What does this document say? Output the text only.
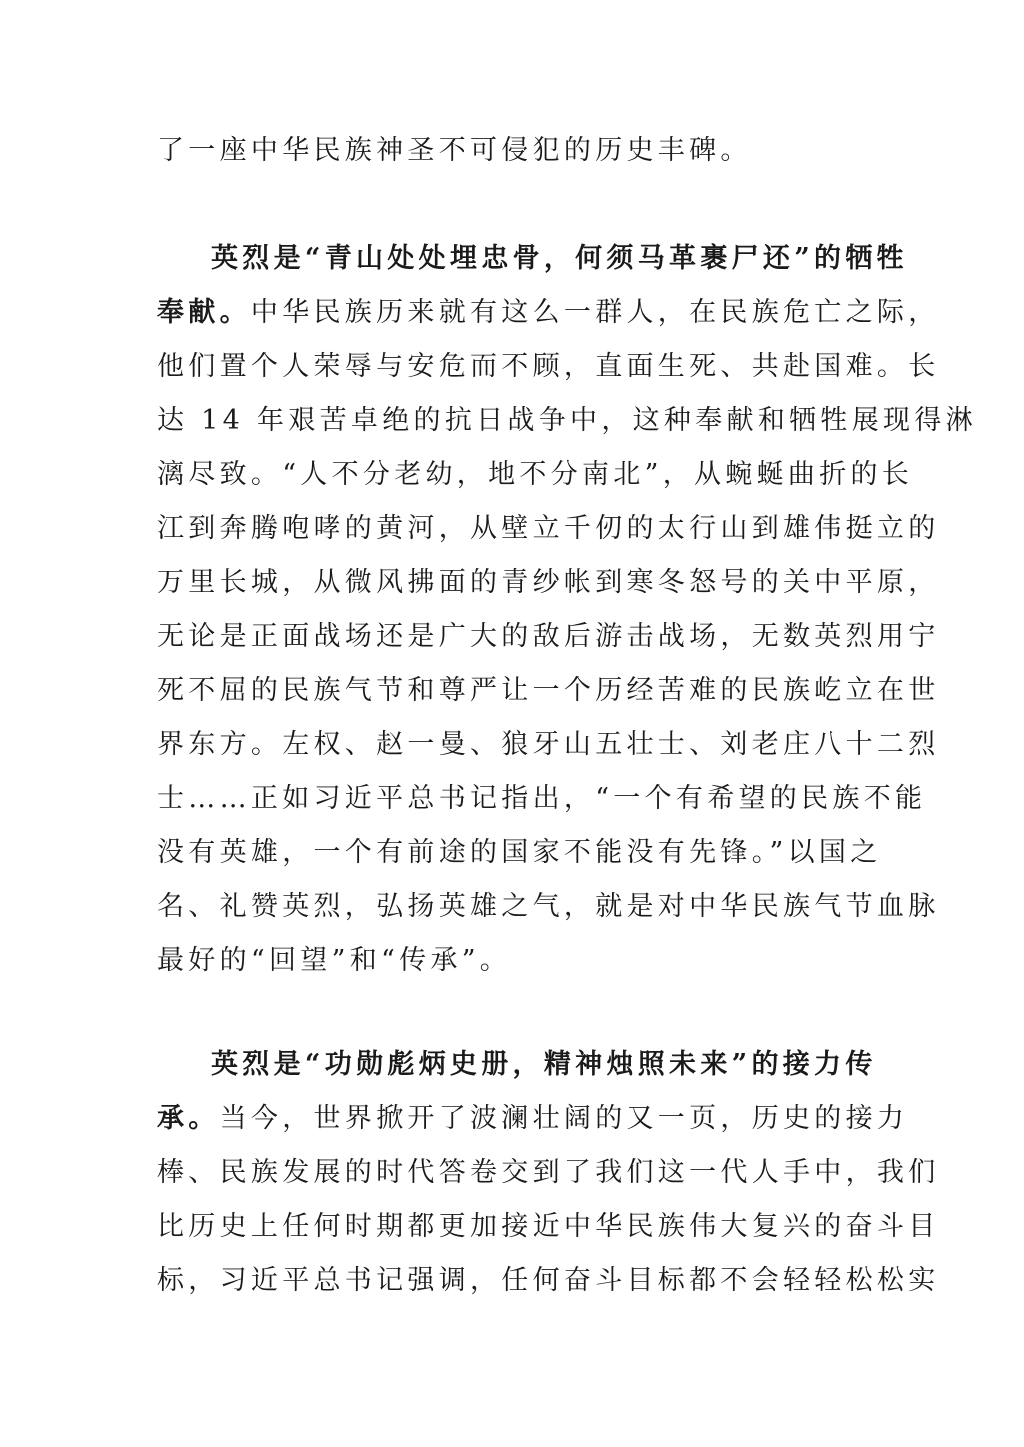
了一座中华民族神圣不可侵犯的历史丰碑。
英烈是“青山处处埋忠骨，何须马革裹尸还”的牺牲
奉献。中华民族历来就有这么一群人，在民族危亡之际，
他们置个人荣辱与安危而不顾，直面生死、共赴国难。长
达 14 年艰苦卓绝的抗日战争中，这种奉献和牺牲展现得淋
漓尽致。“人不分老幼，地不分南北”，从蜿蜒曲折的长
江到奔腾咆哮的黄河，从壁立千仞的太行山到雄伟挺立的
万里长城，从微风拂面的青纱帐到寒冬怒号的关中平原，
无论是正面战场还是广大的敌后游击战场，无数英烈用宁
死不屈的民族气节和尊严让一个历经苦难的民族屹立在世
界东方。左权、赵一曼、狼牙山五壮士、刘老庄八十二烈
士……正如习近平总书记指出，“一个有希望的民族不能
没有英雄，一个有前途的国家不能没有先锋。”以国之
名、礼赞英烈，弘扬英雄之气，就是对中华民族气节血脉
最好的“回望”和“传承”。
英烈是“功勋彪炳史册，精神烛照未来”的接力传
承。当今，世界掀开了波澜壮阔的又一页，历史的接力
棒、民族发展的时代答卷交到了我们这一代人手中，我们
比历史上任何时期都更加接近中华民族伟大复兴的奋斗目
标，习近平总书记强调，任何奋斗目标都不会轻轻松松实
